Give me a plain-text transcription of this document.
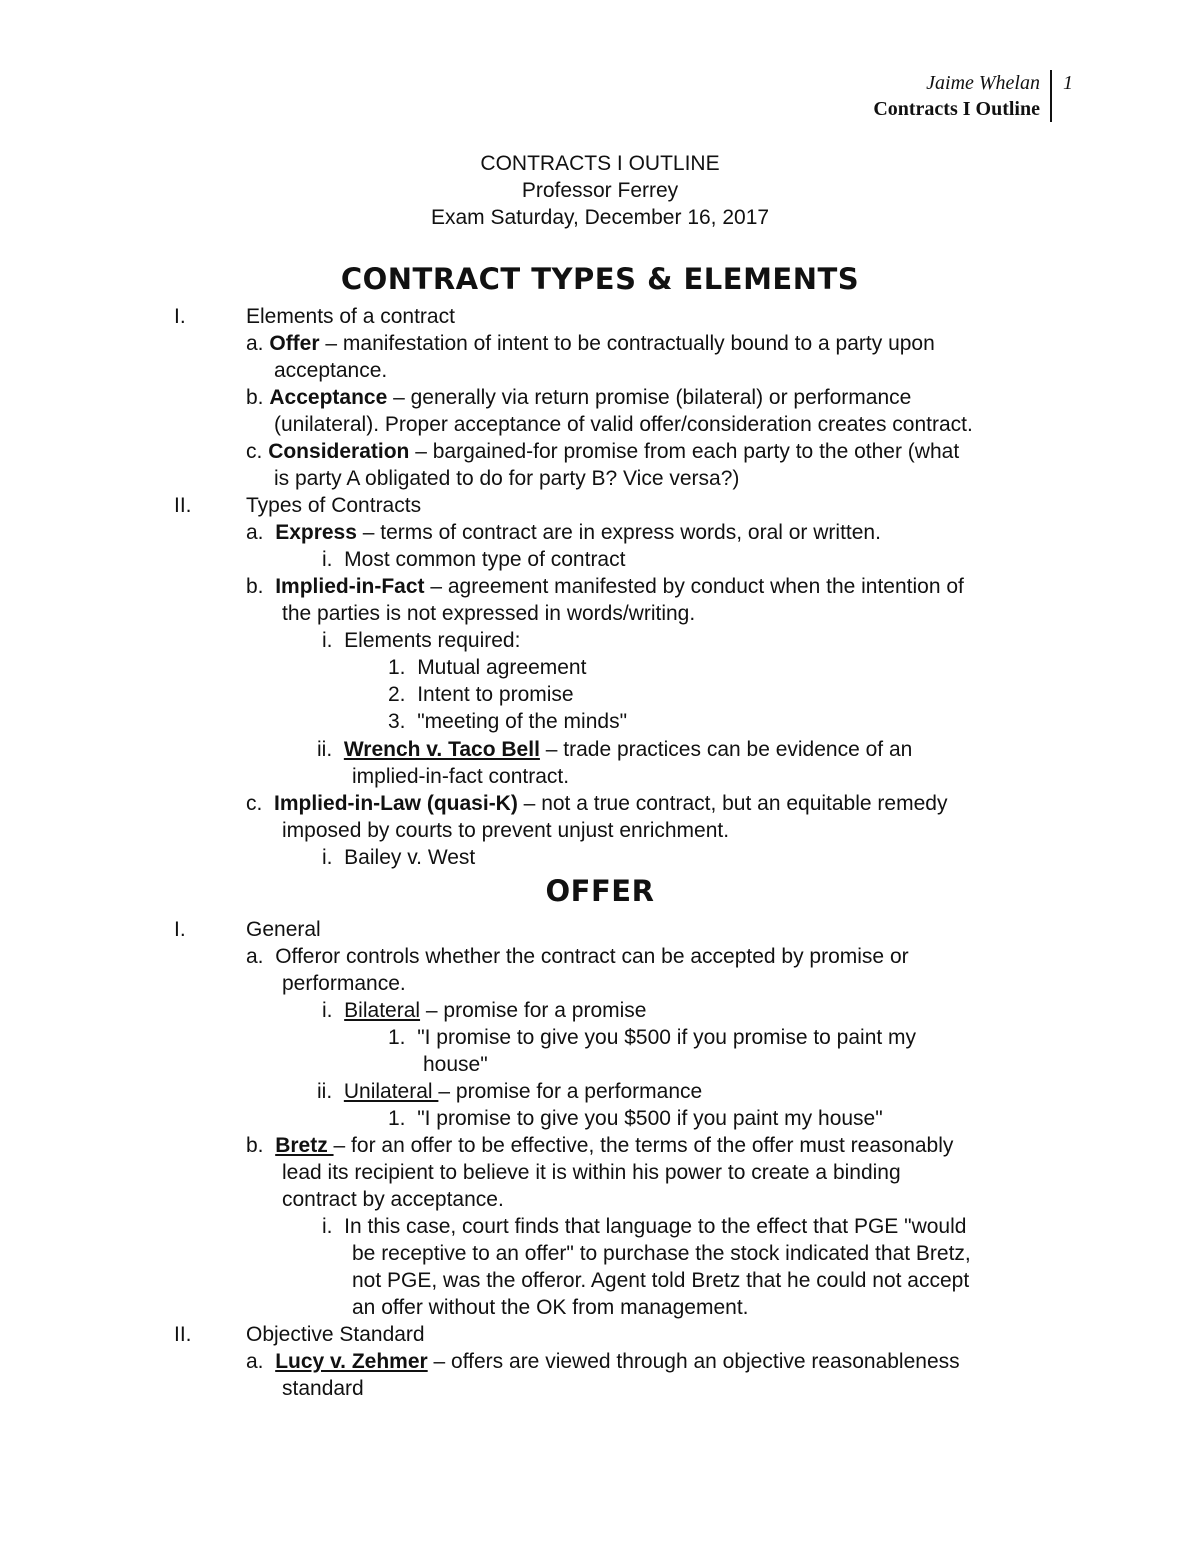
Jaime Whelan
Contracts I Outline
1
CONTRACTS I OUTLINE
Professor Ferrey
Exam Saturday, December 16, 2017
CONTRACT TYPES & ELEMENTS
I.	Elements of a contract
a. Offer – manifestation of intent to be contractually bound to a party upon
acceptance.
b. Acceptance – generally via return promise (bilateral) or performance
(unilateral). Proper acceptance of valid offer/consideration creates contract.
c. Consideration – bargained-for promise from each party to the other (what
is party A obligated to do for party B? Vice versa?)
II.	Types of Contracts
a. Express – terms of contract are in express words, oral or written.
i. Most common type of contract
b. Implied-in-Fact – agreement manifested by conduct when the intention of
the parties is not expressed in words/writing.
i. Elements required:
1. Mutual agreement
2. Intent to promise
3. "meeting of the minds"
ii. Wrench v. Taco Bell – trade practices can be evidence of an
implied-in-fact contract.
c. Implied-in-Law (quasi-K) – not a true contract, but an equitable remedy
imposed by courts to prevent unjust enrichment.
i. Bailey v. West
OFFER
I.	General
a. Offeror controls whether the contract can be accepted by promise or
performance.
i. Bilateral – promise for a promise
1. "I promise to give you $500 if you promise to paint my
house"
ii. Unilateral – promise for a performance
1. "I promise to give you $500 if you paint my house"
b. Bretz – for an offer to be effective, the terms of the offer must reasonably
lead its recipient to believe it is within his power to create a binding
contract by acceptance.
i. In this case, court finds that language to the effect that PGE "would
be receptive to an offer" to purchase the stock indicated that Bretz,
not PGE, was the offeror. Agent told Bretz that he could not accept
an offer without the OK from management.
II.	Objective Standard
a. Lucy v. Zehmer – offers are viewed through an objective reasonableness
standard
